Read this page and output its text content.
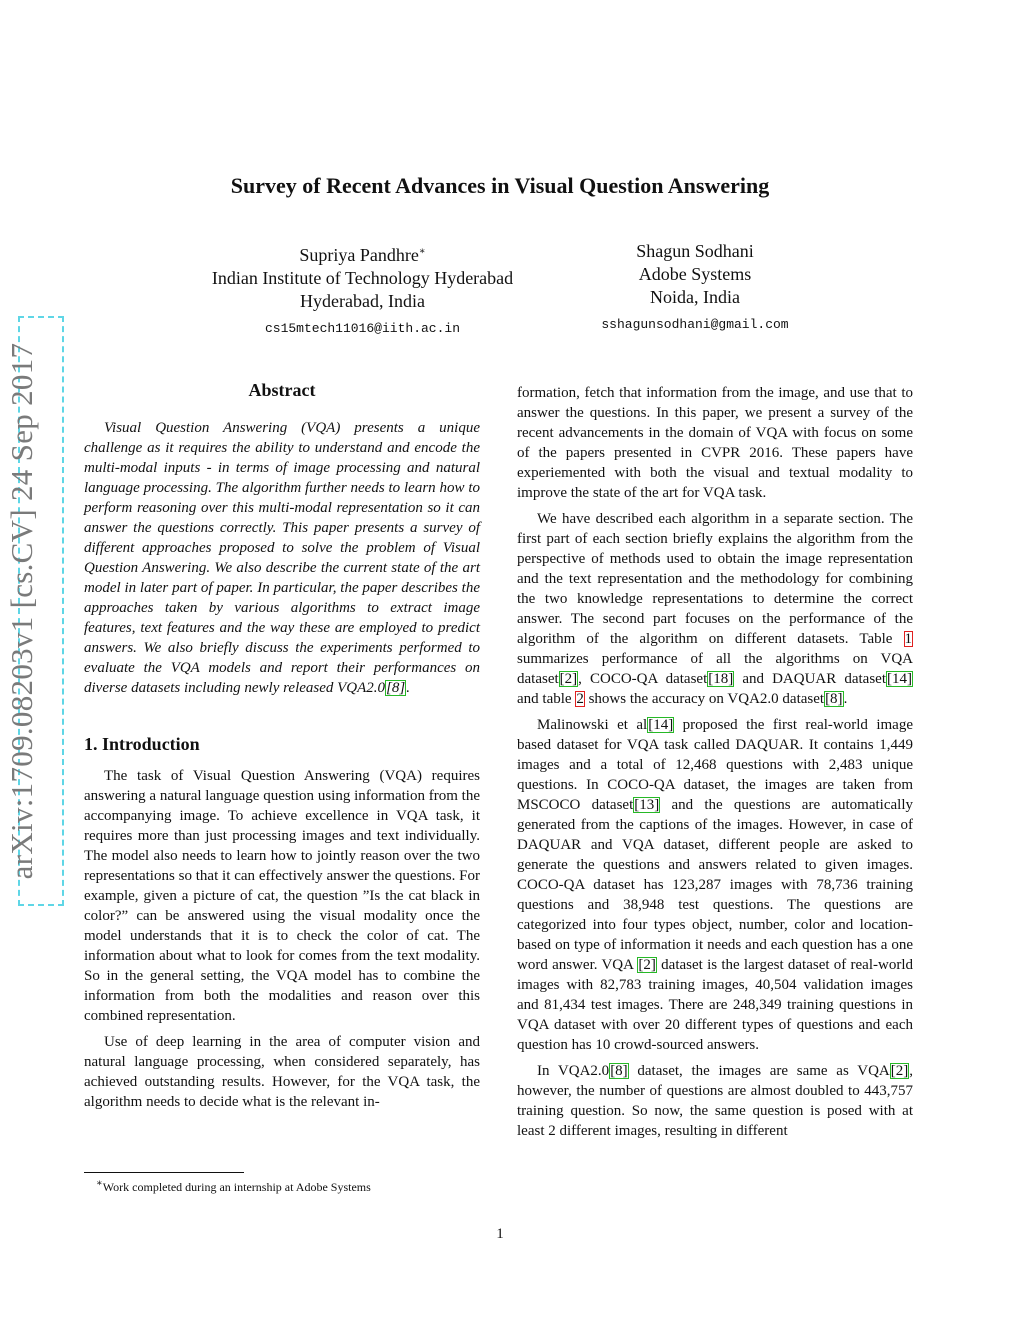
arXiv:1709.08203v1 [cs.CV] 24 Sep 2017
Survey of Recent Advances in Visual Question Answering
Supriya Pandhre∗
Indian Institute of Technology Hyderabad
Hyderabad, India
cs15mtech11016@iith.ac.in
Shagun Sodhani
Adobe Systems
Noida, India
sshagunsodhani@gmail.com
Abstract

Visual Question Answering (VQA) presents a unique challenge as it requires the ability to understand and encode the multi-modal inputs - in terms of image processing and natural language processing. The algorithm further needs to learn how to perform reasoning over this multi-modal representation so it can answer the questions correctly. This paper presents a survey of different approaches proposed to solve the problem of Visual Question Answering. We also describe the current state of the art model in later part of paper. In particular, the paper describes the approaches taken by various algorithms to extract image features, text features and the way these are employed to predict answers. We also briefly discuss the experiments performed to evaluate the VQA models and report their performances on diverse datasets including newly released VQA2.0[8].

1. Introduction

The task of Visual Question Answering (VQA) requires answering a natural language question using information from the accompanying image. To achieve excellence in VQA task, it requires more than just processing images and text individually. The model also needs to learn how to jointly reason over the two representations so that it can effectively answer the questions. For example, given a picture of cat, the question ”Is the cat black in color?” can be answered using the visual modality once the model understands that it is to check the color of cat. The information about what to look for comes from the text modality. So in the general setting, the VQA model has to combine the information from both the modalities and reason over this combined representation.

Use of deep learning in the area of computer vision and natural language processing, when considered separately, has achieved outstanding results. However, for the VQA task, the algorithm needs to decide what is the relevant in-

formation, fetch that information from the image, and use that to answer the questions. In this paper, we present a survey of the recent advancements in the domain of VQA with focus on some of the papers presented in CVPR 2016. These papers have experiemented with both the visual and textual modality to improve the state of the art for VQA task.

We have described each algorithm in a separate section. The first part of each section briefly explains the algorithm from the perspective of methods used to obtain the image representation and the text representation and the methodology for combining the two knowledge representations to determine the correct answer. The second part focuses on the performance of the algorithm of the algorithm on different datasets. Table 1 summarizes performance of all the algorithms on VQA dataset[2], COCO-QA dataset[18] and DAQUAR dataset[14] and table 2 shows the accuracy on VQA2.0 dataset[8].

Malinowski et al[14] proposed the first real-world image based dataset for VQA task called DAQUAR. It contains 1,449 images and a total of 12,468 questions with 2,483 unique questions. In COCO-QA dataset, the images are taken from MSCOCO dataset[13] and the questions are automatically generated from the captions of the images. However, in case of DAQUAR and VQA dataset, different people are asked to generate the questions and answers related to given images. COCO-QA dataset has 123,287 images with 78,736 training questions and 38,948 test questions. The questions are categorized into four types object, number, color and location-based on type of information it needs and each question has a one word answer. VQA [2] dataset is the largest dataset of real-world images with 82,783 training images, 40,504 validation images and 81,434 test images. There are 248,349 training questions in VQA dataset with over 20 different types of questions and each question has 10 crowd-sourced answers.

In VQA2.0[8] dataset, the images are same as VQA[2], however, the number of questions are almost doubled to 443,757 training question. So now, the same question is posed with at least 2 different images, resulting in different

∗Work completed during an internship at Adobe Systems
1
